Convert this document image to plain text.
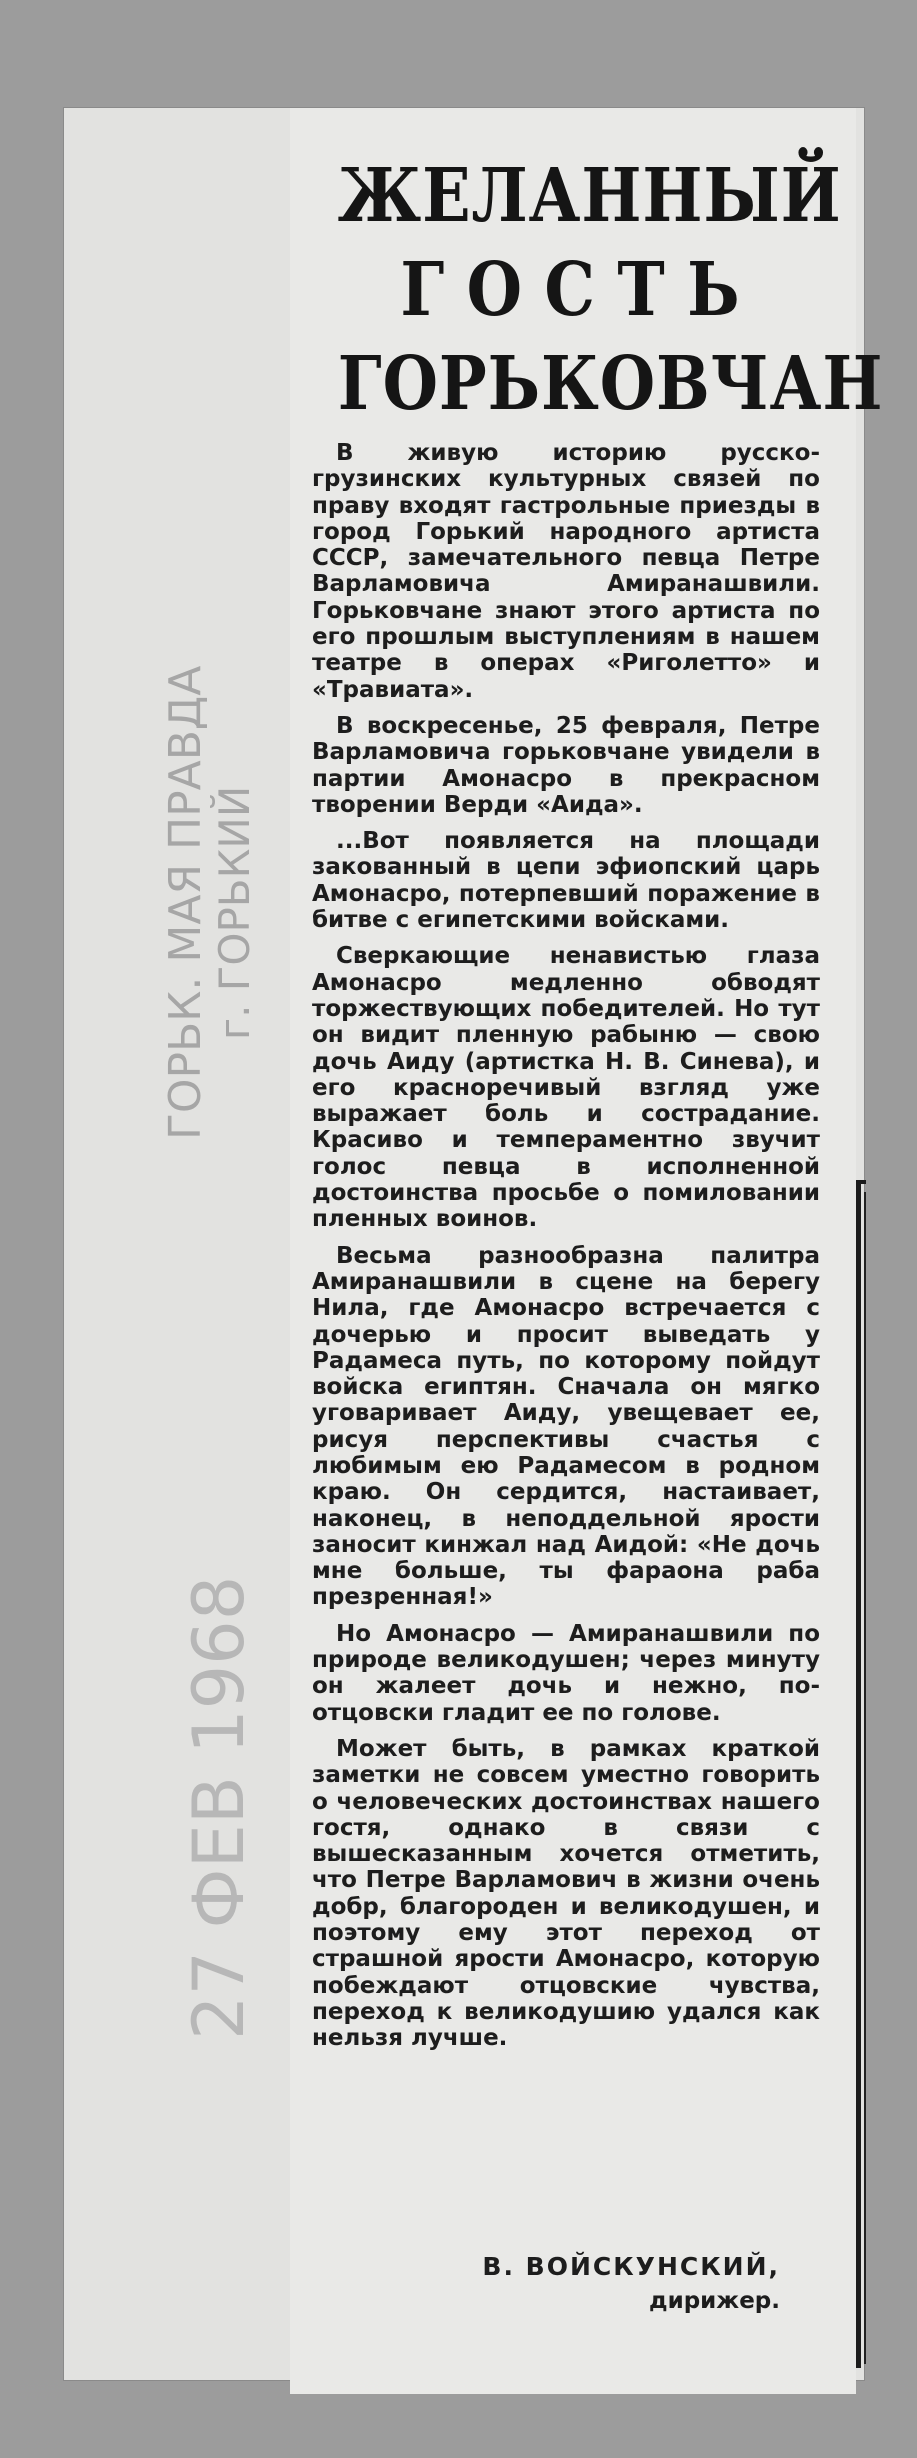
ГОРЬК. МАЯ ПРАВДА г. ГОРЬКИЙ
27 ФЕВ 1968
ЖЕЛАННЫЙ
ГОСТЬ
ГОРЬКОВЧАН

В живую историю русско-грузинских культурных связей по праву входят гастрольные приезды в город Горький народного артиста СССР, замечательного певца Петре Варламовича Амиранашвили. Горьковчане знают этого артиста по его прошлым выступлениям в нашем театре в операх «Риголетто» и «Травиата».

В воскресенье, 25 февраля, Петре Варламовича горьковчане увидели в партии Амонасро в прекрасном творении Верди «Аида».

...Вот появляется на площади закованный в цепи эфиопский царь Амонасро, потерпевший поражение в битве с египетскими войсками.

Сверкающие ненавистью глаза Амонасро медленно обводят торжествующих победителей. Но тут он видит пленную рабыню — свою дочь Аиду (артистка Н. В. Синева), и его красноречивый взгляд уже выражает боль и сострадание. Красиво и темпераментно звучит голос певца в исполненной достоинства просьбе о помиловании пленных воинов.

Весьма разнообразна палитра Амиранашвили в сцене на берегу Нила, где Амонасро встречается с дочерью и просит выведать у Радамеса путь, по которому пойдут войска египтян. Сначала он мягко уговаривает Аиду, увещевает ее, рисуя перспективы счастья с любимым ею Радамесом в родном краю. Он сердится, настаивает, наконец, в неподдельной ярости заносит кинжал над Аидой: «Не дочь мне больше, ты фараона раба презренная!»

Но Амонасро — Амиранашвили по природе великодушен; через минуту он жалеет дочь и нежно, по-отцовски гладит ее по голове.

Может быть, в рамках краткой заметки не совсем уместно говорить о человеческих достоинствах нашего гостя, однако в связи с вышесказанным хочется отметить, что Петре Варламович в жизни очень добр, благороден и великодушен, и поэтому ему этот переход от страшной ярости Амонасро, которую побеждают отцовские чувства, переход к великодушию удался как нельзя лучше.

В. ВОЙСКУНСКИЙ,
дирижер.
